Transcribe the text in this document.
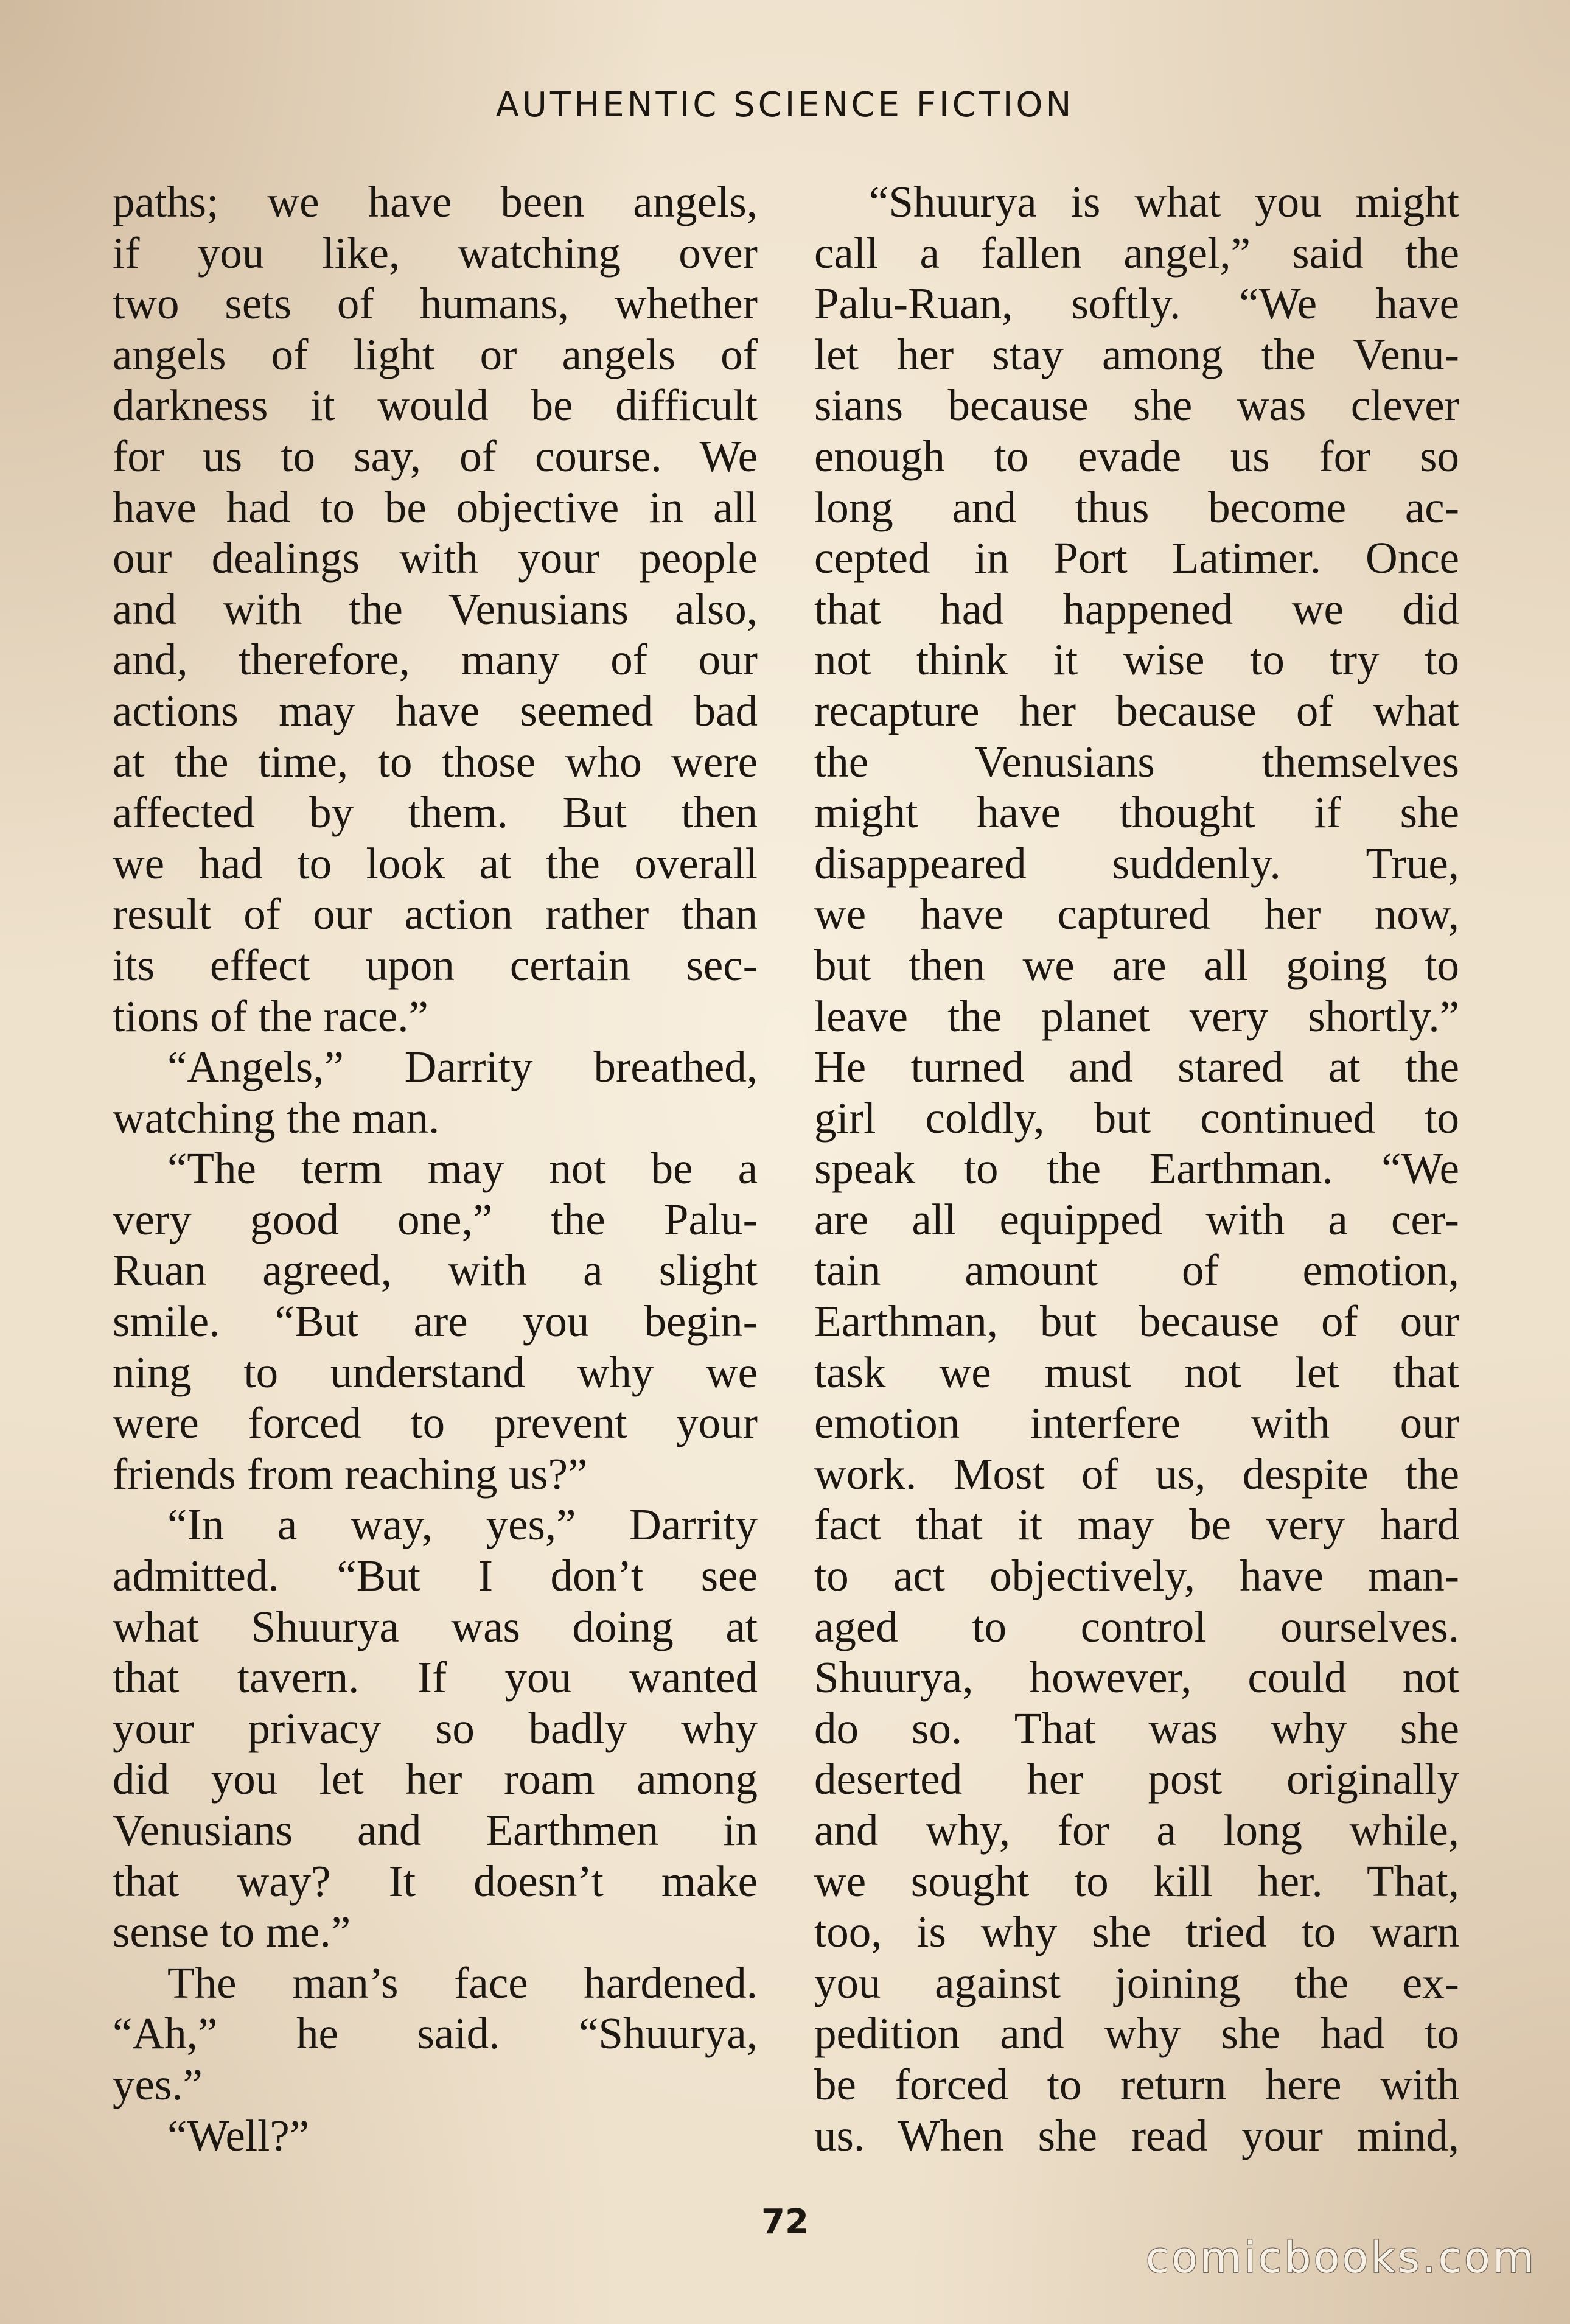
AUTHENTIC SCIENCE FICTION
paths; we have been angels,
if you like, watching over
two sets of humans, whether
angels of light or angels of
darkness it would be difficult
for us to say, of course. We
have had to be objective in all
our dealings with your people
and with the Venusians also,
and, therefore, many of our
actions may have seemed bad
at the time, to those who were
affected by them. But then
we had to look at the overall
result of our action rather than
its effect upon certain sec-
tions of the race.”
“Angels,” Darrity breathed,
watching the man.
“The term may not be a
very good one,” the Palu-
Ruan agreed, with a slight
smile. “But are you begin-
ning to understand why we
were forced to prevent your
friends from reaching us?”
“In a way, yes,” Darrity
admitted. “But I don’t see
what Shuurya was doing at
that tavern. If you wanted
your privacy so badly why
did you let her roam among
Venusians and Earthmen in
that way? It doesn’t make
sense to me.”
The man’s face hardened.
“Ah,” he said. “Shuurya,
yes.”
“Well?”
“Shuurya is what you might
call a fallen angel,” said the
Palu-Ruan, softly. “We have
let her stay among the Venu-
sians because she was clever
enough to evade us for so
long and thus become ac-
cepted in Port Latimer. Once
that had happened we did
not think it wise to try to
recapture her because of what
the Venusians themselves
might have thought if she
disappeared suddenly. True,
we have captured her now,
but then we are all going to
leave the planet very shortly.”
He turned and stared at the
girl coldly, but continued to
speak to the Earthman. “We
are all equipped with a cer-
tain amount of emotion,
Earthman, but because of our
task we must not let that
emotion interfere with our
work. Most of us, despite the
fact that it may be very hard
to act objectively, have man-
aged to control ourselves.
Shuurya, however, could not
do so. That was why she
deserted her post originally
and why, for a long while,
we sought to kill her. That,
too, is why she tried to warn
you against joining the ex-
pedition and why she had to
be forced to return here with
us. When she read your mind,
72
comicbooks.com
